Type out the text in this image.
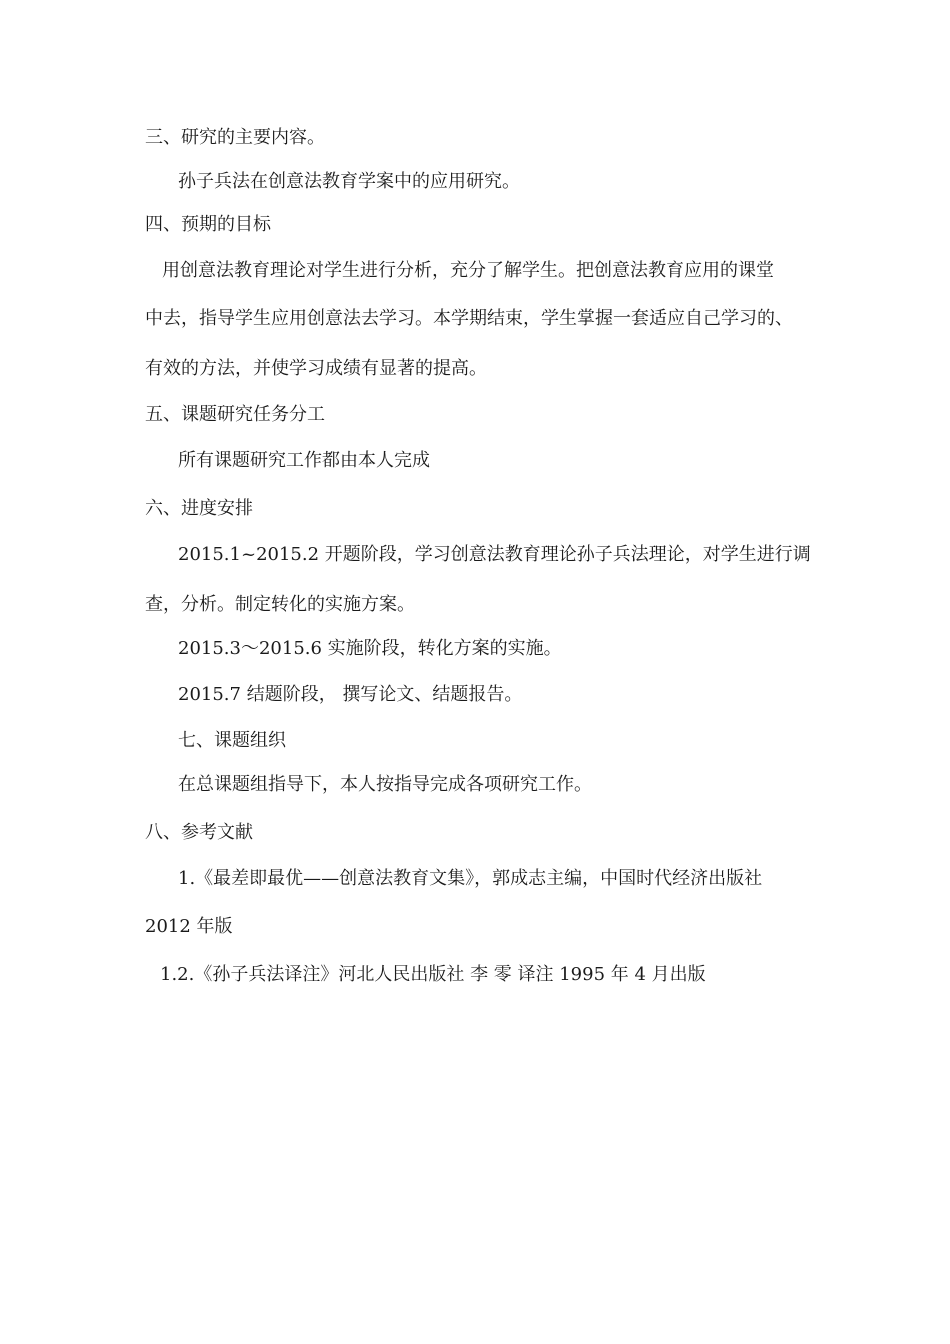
三、研究的主要内容。
孙子兵法在创意法教育学案中的应用研究。
四、预期的目标
用创意法教育理论对学生进行分析，充分了解学生。把创意法教育应用的课堂
中去，指导学生应用创意法去学习。本学期结束，学生掌握一套适应自己学习的、
有效的方法，并使学习成绩有显著的提高。
五、课题研究任务分工
所有课题研究工作都由本人完成
六、进度安排
2015.1~2015.2 开题阶段，学习创意法教育理论孙子兵法理论，对学生进行调
查，分析。制定转化的实施方案。
2015.3～2015.6 实施阶段，转化方案的实施。
2015.7 结题阶段， 撰写论文、结题报告。
七、课题组织
在总课题组指导下，本人按指导完成各项研究工作。
八、参考文献
1.《最差即最优——创意法教育文集》，郭成志主编，中国时代经济出版社
2012 年版
1.2.《孙子兵法译注》河北人民出版社 李 零 译注 1995 年 4 月出版
